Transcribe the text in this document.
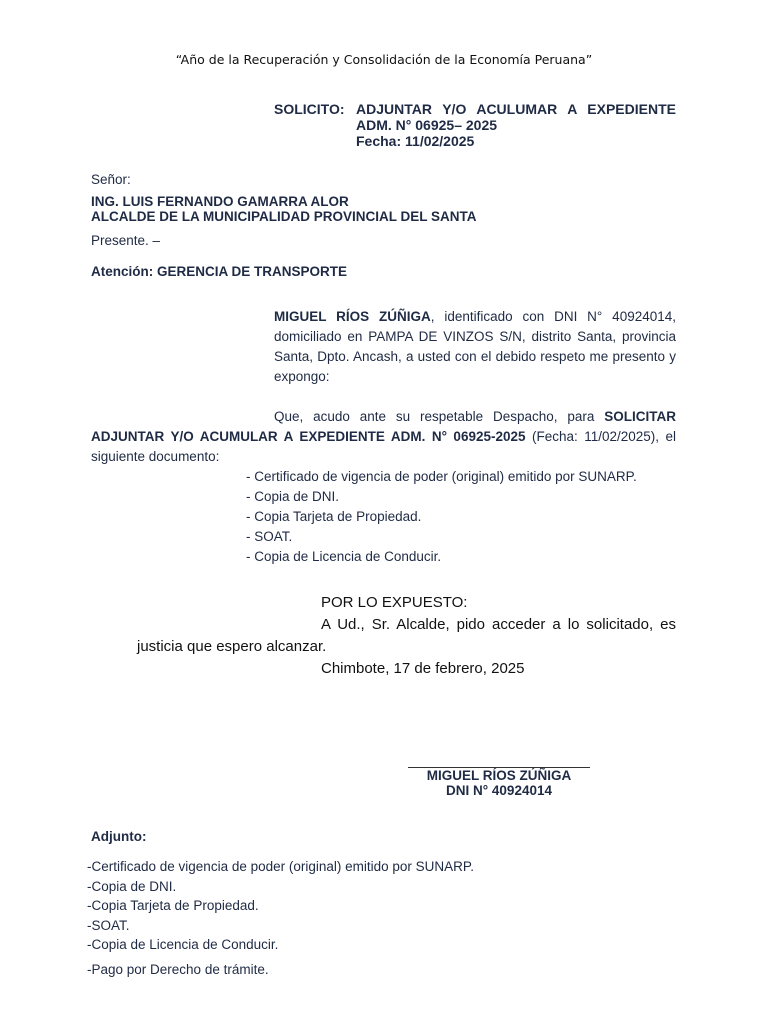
“Año de la Recuperación y Consolidación de la Economía Peruana”
SOLICITO: ADJUNTAR Y/O ACULUMAR A EXPEDIENTE
ADM. N° 06925– 2025
Fecha: 11/02/2025
Señor:
ING. LUIS FERNANDO GAMARRA ALOR
ALCALDE DE LA MUNICIPALIDAD PROVINCIAL DEL SANTA
Presente. –
Atención: GERENCIA DE TRANSPORTE
MIGUEL RÍOS ZÚÑIGA, identificado con DNI N° 40924014, domiciliado en PAMPA DE VINZOS S/N, distrito Santa, provincia Santa, Dpto. Ancash, a usted con el debido respeto me presento y expongo:
Que, acudo ante su respetable Despacho, para SOLICITAR ADJUNTAR Y/O ACUMULAR A EXPEDIENTE ADM. N° 06925-2025 (Fecha: 11/02/2025), el siguiente documento:
- Certificado de vigencia de poder (original) emitido por SUNARP.
- Copia de DNI.
- Copia Tarjeta de Propiedad.
- SOAT.
- Copia de Licencia de Conducir.
POR LO EXPUESTO:
A Ud., Sr. Alcalde, pido acceder a lo solicitado, es
justicia que espero alcanzar.
Chimbote, 17 de febrero, 2025
MIGUEL RÍOS ZÚÑIGA
DNI N° 40924014
Adjunto:
-Certificado de vigencia de poder (original) emitido por SUNARP.
-Copia de DNI.
-Copia Tarjeta de Propiedad.
-SOAT.
-Copia de Licencia de Conducir.
-Pago por Derecho de trámite.
